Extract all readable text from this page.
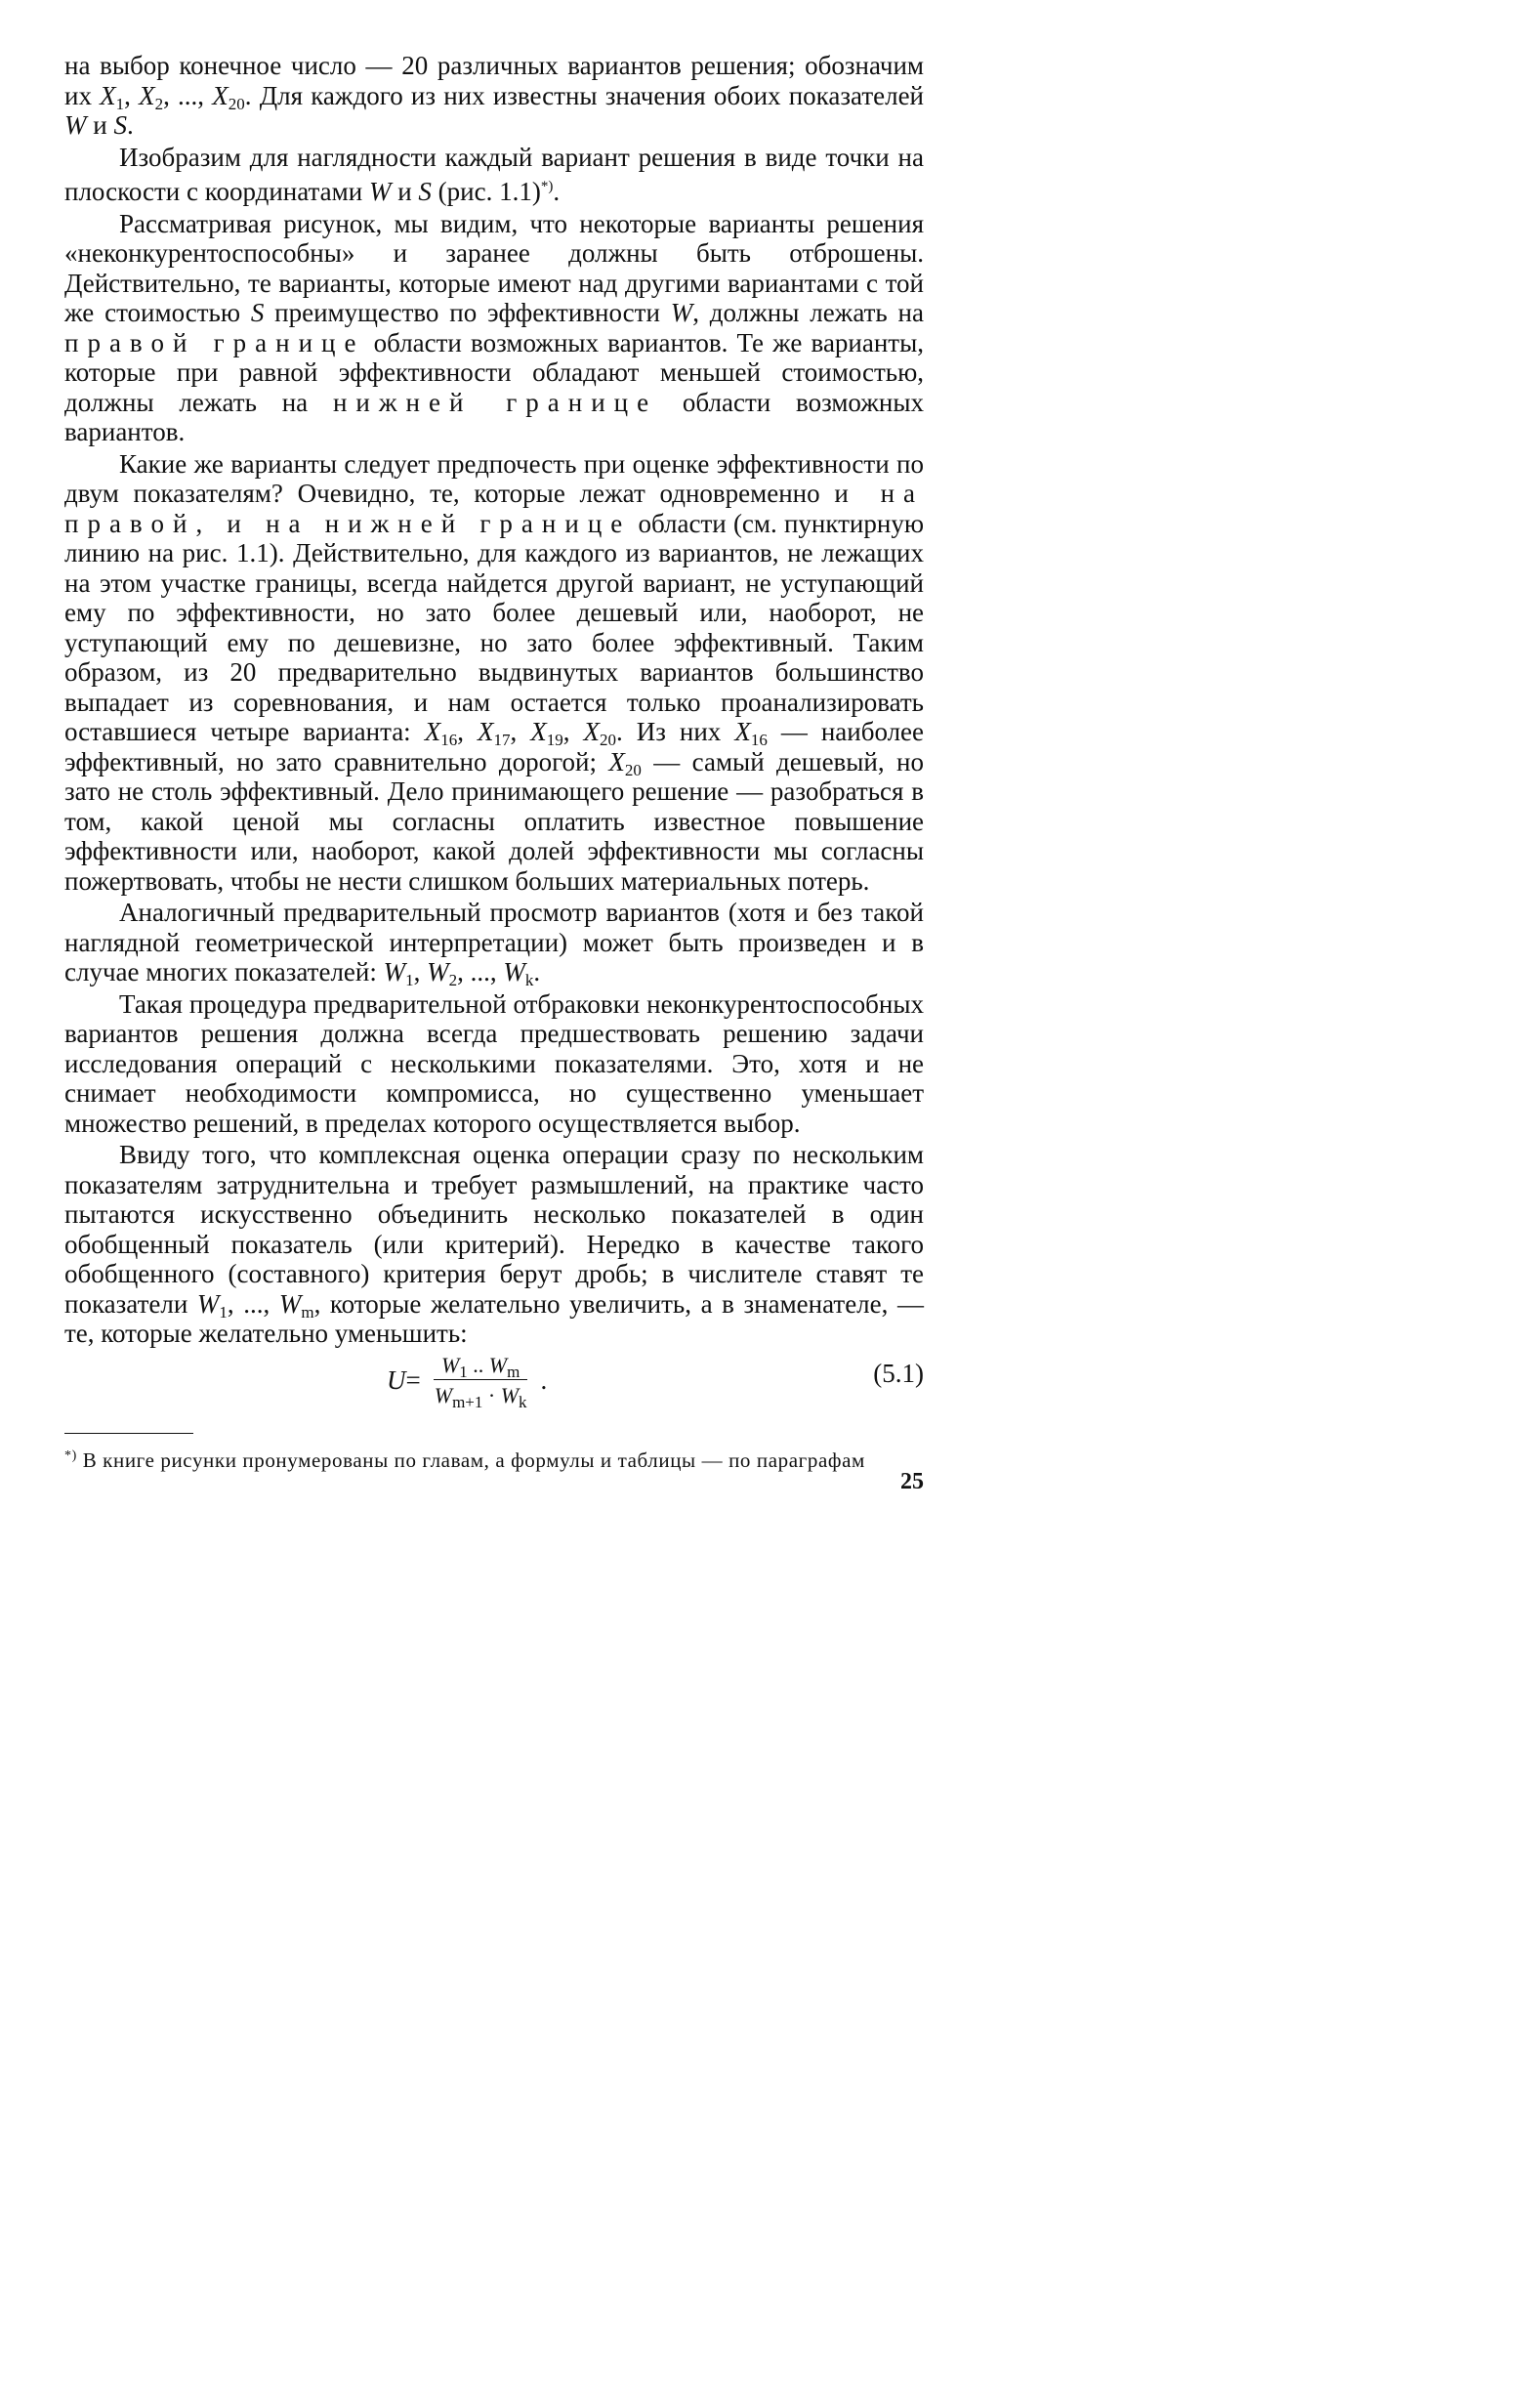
на выбор конечное число — 20 различных вариантов решения; обозначим их $X_1$, $X_2$, ..., $X_{20}$. Для каждого из них известны значения обоих показателей W и S.

Изобразим для наглядности каждый вариант решения в виде точки на плоскости с координатами W и S (рис. 1.1)*).

Рассматривая рисунок, мы видим, что некоторые варианты решения «неконкурентоспособны» и заранее должны быть отброшены. Действительно, те варианты, которые имеют над другими вариантами с той же стоимостью S преимущество по эффективности W, должны лежать на правой границе области возможных вариантов. Те же варианты, которые при равной эффективности обладают меньшей стоимостью, должны лежать на нижней границе области возможных вариантов.

Какие же варианты следует предпочесть при оценке эффективности по двум показателям? Очевидно, те, которые лежат одновременно и на правой, и на нижней границе области (см. пунктирную линию на рис. 1.1). Действительно, для каждого из вариантов, не лежащих на этом участке границы, всегда найдется другой вариант, не уступающий ему по эффективности, но зато более дешевый или, наоборот, не уступающий ему по дешевизне, но зато более эффективный. Таким образом, из 20 предварительно выдвинутых вариантов большинство выпадает из соревнования, и нам остается только проанализировать оставшиеся четыре варианта: $X_{16}$, $X_{17}$, $X_{19}$, $X_{20}$. Из них $X_{16}$ — наиболее эффективный, но зато сравнительно дорогой; $X_{20}$ — самый дешевый, но зато не столь эффективный. Дело принимающего решение — разобраться в том, какой ценой мы согласны оплатить известное повышение эффективности или, наоборот, какой долей эффективности мы согласны пожертвовать, чтобы не нести слишком больших материальных потерь.

Аналогичный предварительный просмотр вариантов (хотя и без такой наглядной геометрической интерпретации) может быть произведен и в случае многих показателей: $W_1$, $W_2$, ..., $W_k$.

Такая процедура предварительной отбраковки неконкурентоспособных вариантов решения должна всегда предшествовать решению задачи исследования операций с несколькими показателями. Это, хотя и не снимает необходимости компромисса, но существенно уменьшает множество решений, в пределах которого осуществляется выбор.

Ввиду того, что комплексная оценка операции сразу по нескольким показателям затруднительна и требует размышлений, на практике часто пытаются искусственно объединить несколько показателей в один обобщенный показатель (или критерий). Нередко в качестве такого обобщенного (составного) критерия берут дробь; в числителе ставят те показатели $W_1$, ..., $W_m$, которые желательно увеличить, а в знаменателе, — те, которые желательно уменьшить:

$U = \frac{W_1 .. W_m}{W_{m+1} \cdot W_k}$ .	(5.1)

*) В книге рисунки пронумерованы по главам, а формулы и таблицы — по параграфам

25
